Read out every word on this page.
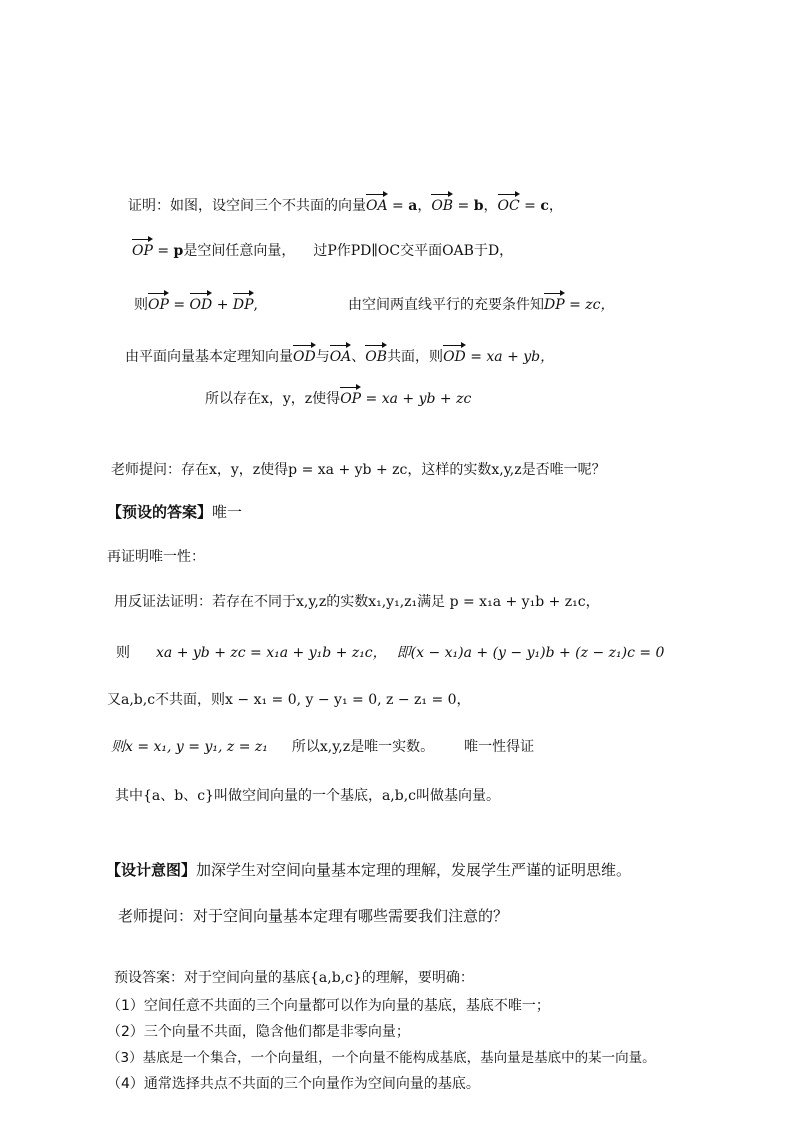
证明：如图，设空间三个不共面的向量OA = a，OB = b，OC = c，
OP = p是空间任意向量， 过P作PD∥OC交平面OAB于D，
则OP = OD + DP,	由空间两直线平行的充要条件知DP = zc，
由平面向量基本定理知向量OD与OA、OB共面，则OD = xa + yb，
所以存在x，y，z使得OP = xa + yb + zc
老师提问：存在x，y，z使得p = xa + yb + zc，这样的实数x,y,z是否唯一呢？
【预设的答案】唯一
再证明唯一性：
用反证法证明：若存在不同于x,y,z的实数x₁,y₁,z₁满足 p = x₁a + y₁b + z₁c，
则 xa + yb + zc = x₁a + y₁b + z₁c， 即(x − x₁)a + (y − y₁)b + (z − z₁)c = 0
又a,b,c不共面，则x − x₁ = 0, y − y₁ = 0, z − z₁ = 0，
则x = x₁, y = y₁, z = z₁ 所以x,y,z是唯一实数。 唯一性得证
其中{a、b、c}叫做空间向量的一个基底，a,b,c叫做基向量。
【设计意图】加深学生对空间向量基本定理的理解，发展学生严谨的证明思维。
老师提问：对于空间向量基本定理有哪些需要我们注意的？
预设答案：对于空间向量的基底{a,b,c}的理解，要明确：
（1）空间任意不共面的三个向量都可以作为向量的基底，基底不唯一；
（2）三个向量不共面，隐含他们都是非零向量；
（3）基底是一个集合，一个向量组，一个向量不能构成基底，基向量是基底中的某一向量。
（4）通常选择共点不共面的三个向量作为空间向量的基底。
